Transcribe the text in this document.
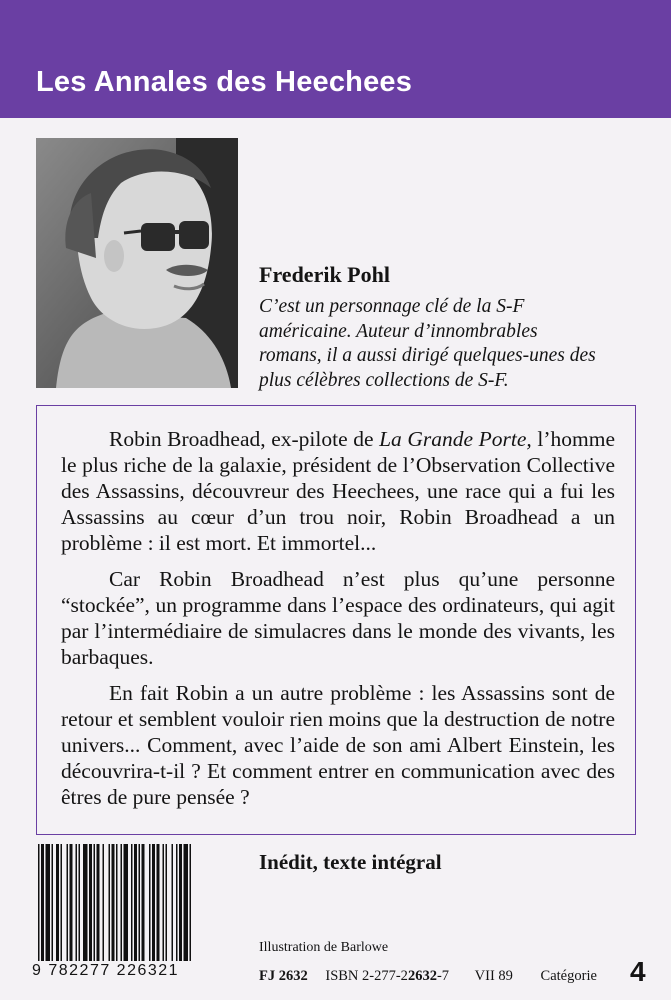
Les Annales des Heechees
Frederik Pohl
C’est un personnage clé de la S-F
américaine. Auteur d’innombrables
romans, il a aussi dirigé quelques-unes des
plus célèbres collections de S-F.

Robin Broadhead, ex-pilote de La Grande Porte, l’homme le plus riche de la galaxie, président de l’Observation Collective des Assassins, découvreur des Heechees, une race qui a fui les Assassins au cœur d’un trou noir, Robin Broadhead a un problème : il est mort. Et immortel...

Car Robin Broadhead n’est plus qu’une personne “stockée”, un programme dans l’espace des ordinateurs, qui agit par l’intermédiaire de simulacres dans le monde des vivants, les barbaques.

En fait Robin a un autre problème : les Assassins sont de retour et semblent vouloir rien moins que la destruction de notre univers... Comment, avec l’aide de son ami Albert Einstein, les découvrira-t-il ? Et comment entrer en communication avec des êtres de pure pensée ?

Inédit, texte intégral
9 782277 226321
Illustration de Barlowe
FJ 2632 ISBN 2-277-22632-7 VII 89 Catégorie 4
